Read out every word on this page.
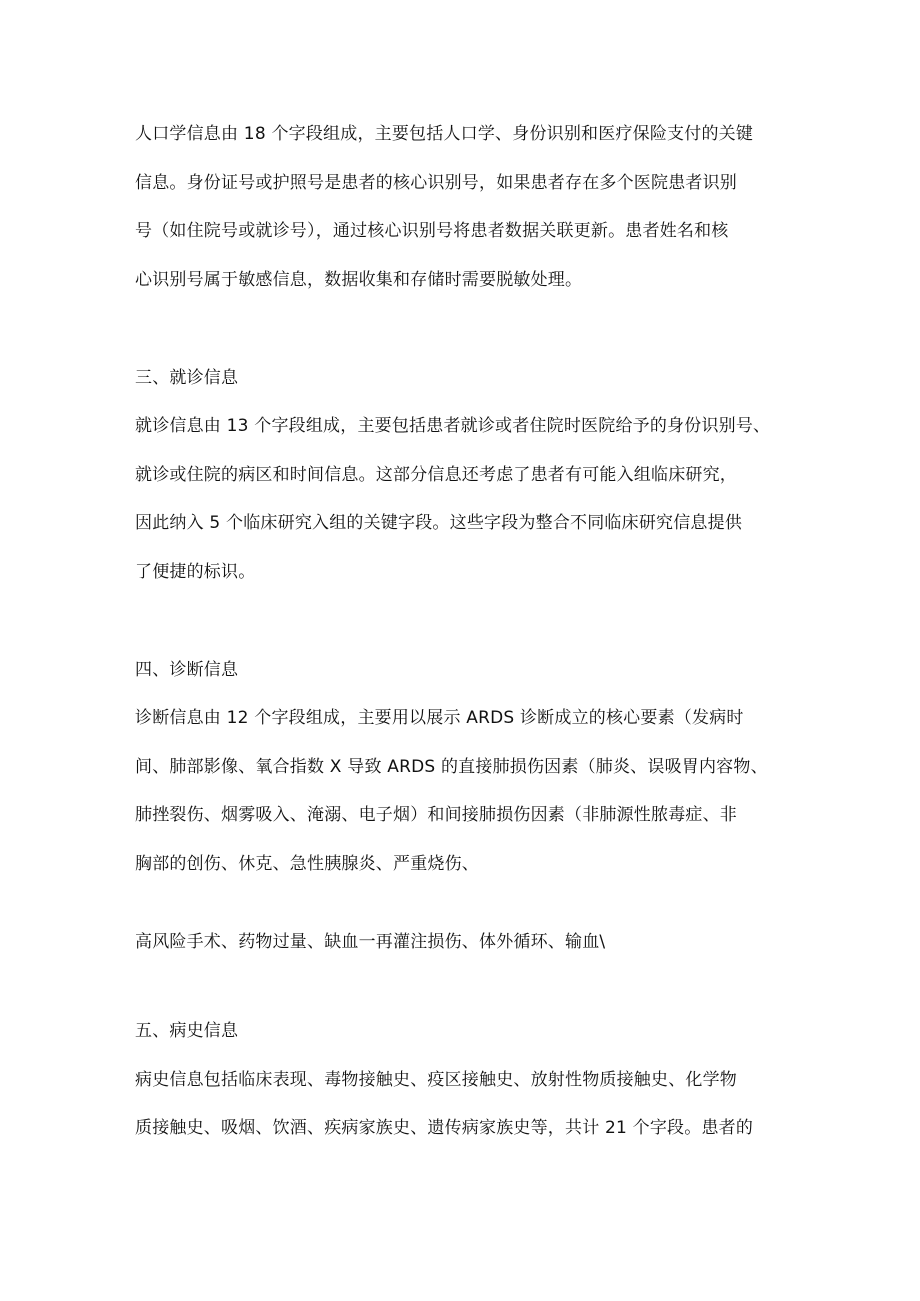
人口学信息由 18 个字段组成，主要包括人口学、身份识别和医疗保险支付的关键
信息。身份证号或护照号是患者的核心识别号，如果患者存在多个医院患者识别
号（如住院号或就诊号），通过核心识别号将患者数据关联更新。患者姓名和核
心识别号属于敏感信息，数据收集和存储时需要脱敏处理。
三、就诊信息
就诊信息由 13 个字段组成，主要包括患者就诊或者住院时医院给予的身份识别号、
就诊或住院的病区和时间信息。这部分信息还考虑了患者有可能入组临床研究，
因此纳入 5 个临床研究入组的关键字段。这些字段为整合不同临床研究信息提供
了便捷的标识。
四、诊断信息
诊断信息由 12 个字段组成，主要用以展示 ARDS 诊断成立的核心要素（发病时
间、肺部影像、氧合指数 X 导致 ARDS 的直接肺损伤因素（肺炎、误吸胃内容物、
肺挫裂伤、烟雾吸入、淹溺、电子烟）和间接肺损伤因素（非肺源性脓毒症、非
胸部的创伤、休克、急性胰腺炎、严重烧伤、
高风险手术、药物过量、缺血一再灌注损伤、体外循环、输血\
五、病史信息
病史信息包括临床表现、毒物接触史、疫区接触史、放射性物质接触史、化学物
质接触史、吸烟、饮酒、疾病家族史、遗传病家族史等，共计 21 个字段。患者的
